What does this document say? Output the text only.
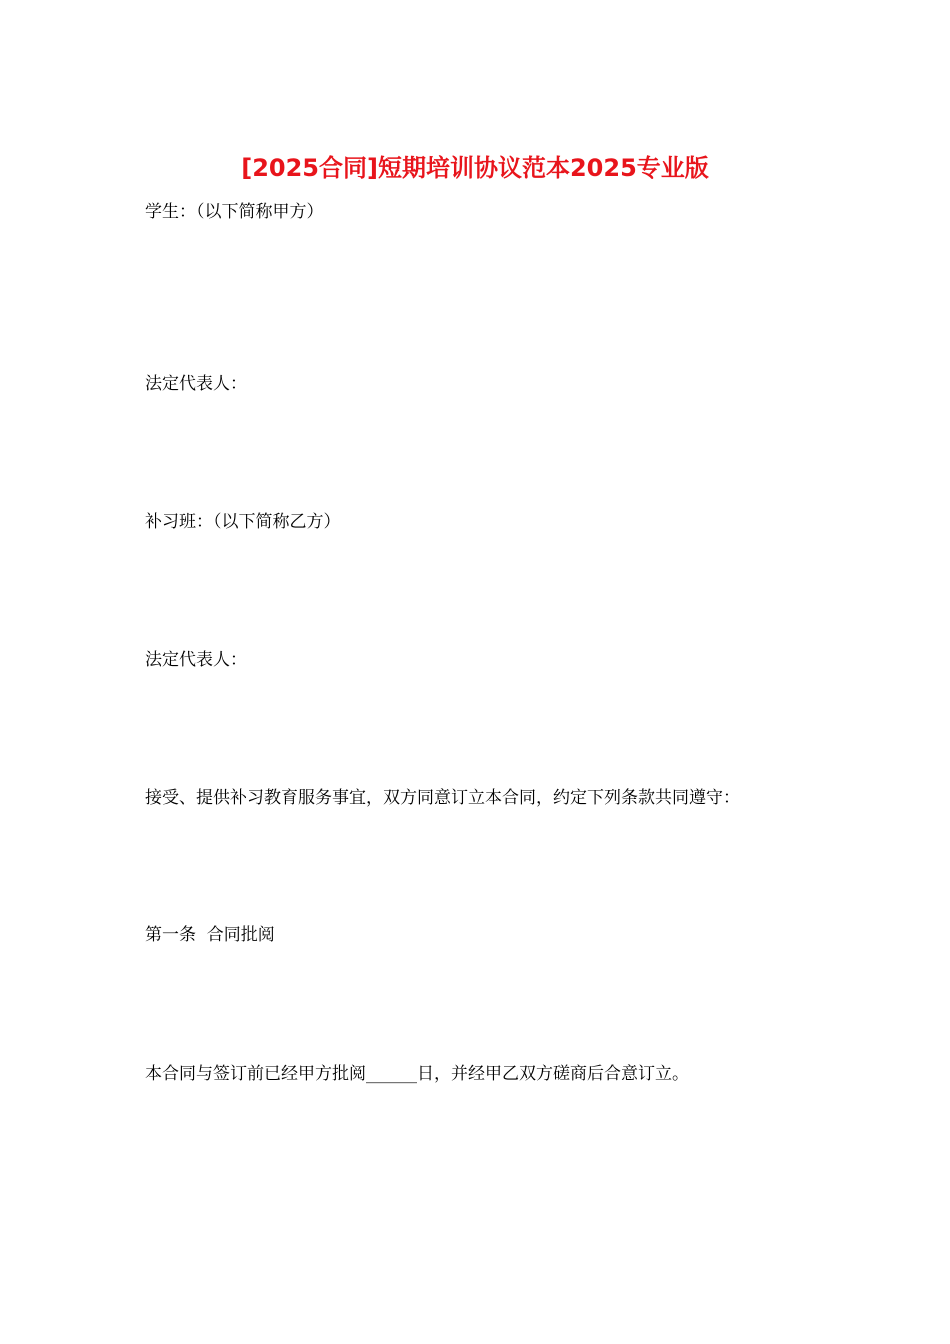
[2025合同]短期培训协议范本2025专业版

学生：（以下简称甲方）

法定代表人：

补习班：（以下简称乙方）

法定代表人：

接受、提供补习教育服务事宜，双方同意订立本合同，约定下列条款共同遵守：

第一条  合同批阅

本合同与签订前已经甲方批阅______日，并经甲乙双方磋商后合意订立。
